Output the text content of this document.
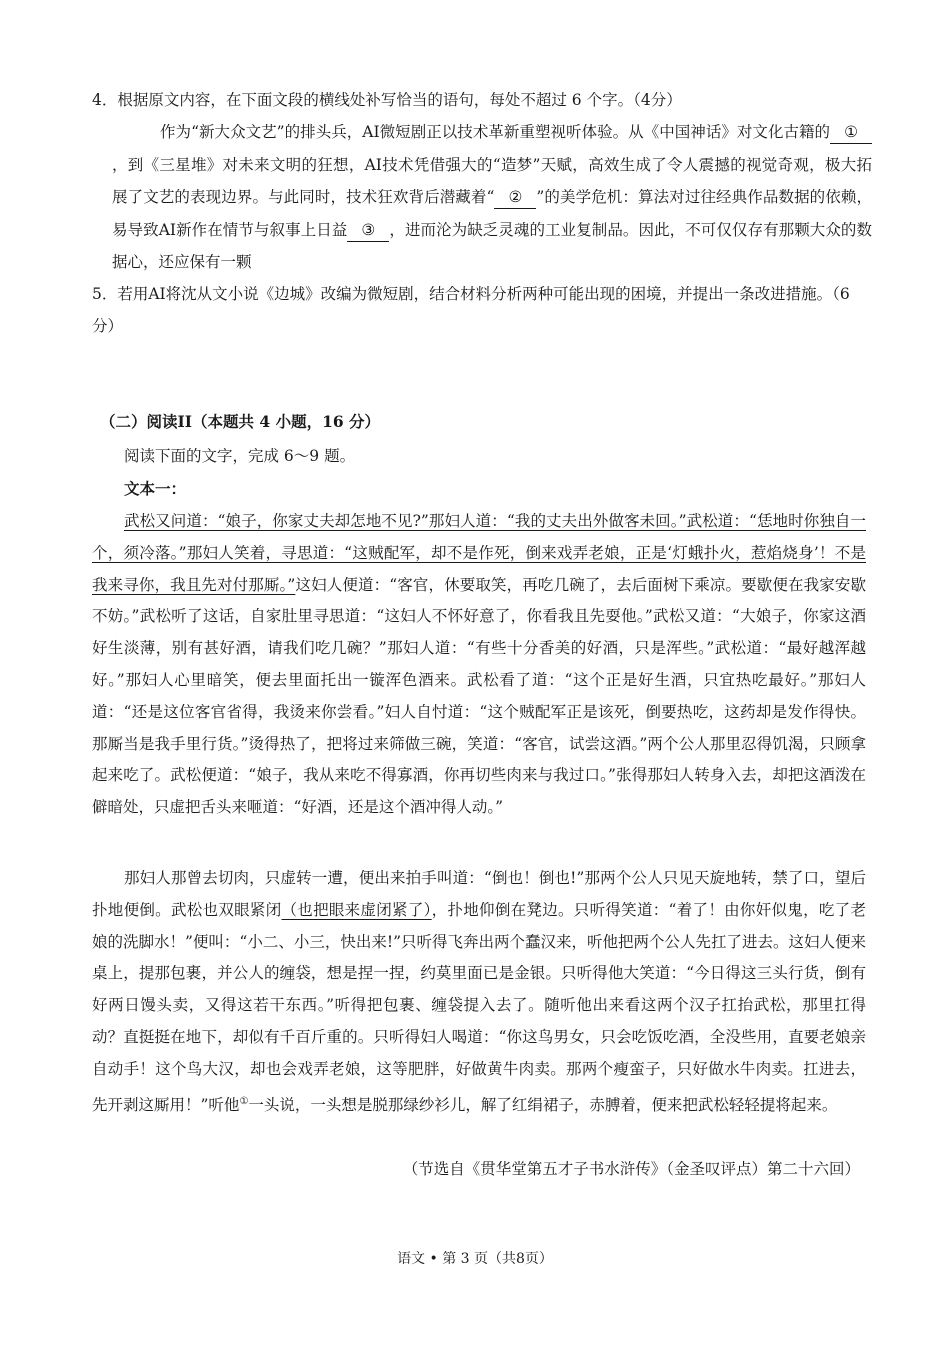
4．根据原文内容，在下面文段的横线处补写恰当的语句，每处不超过 6 个字。（4分）

作为“新大众文艺”的排头兵，AI微短剧正以技术革新重塑视听体验。从《中国神话》对文化古籍的 ①，到《三星堆》对未来文明的狂想，AI技术凭借强大的“造梦”天赋，高效生成了令人震撼的视觉奇观，极大拓展了文艺的表现边界。与此同时，技术狂欢背后潜藏着“ ② ”的美学危机：算法对过往经典作品数据的依赖，易导致AI新作在情节与叙事上日益 ③ ，进而沦为缺乏灵魂的工业复制品。因此，不可仅仅存有那颗大众的数据心，还应保有一颗

5．若用AI将沈从文小说《边城》改编为微短剧，结合材料分析两种可能出现的困境，并提出一条改进措施。（6分）

（二）阅读II（本题共 4 小题，16 分）

阅读下面的文字，完成 6～9 题。

文本一：

武松又问道：“娘子，你家丈夫却怎地不见?”那妇人道：“我的丈夫出外做客未回。”武松道：“恁地时你独自一个，须冷落。”那妇人笑着，寻思道：“这贼配军，却不是作死，倒来戏弄老娘，正是‘灯蛾扑火，惹焰烧身’！不是我来寻你，我且先对付那厮。”这妇人便道：“客官，休要取笑，再吃几碗了，去后面树下乘凉。要歇便在我家安歇不妨。”武松听了这话，自家肚里寻思道：“这妇人不怀好意了，你看我且先耍他。”武松又道：“大娘子，你家这酒好生淡薄，别有甚好酒，请我们吃几碗？”那妇人道：“有些十分香美的好酒，只是浑些。”武松道：“最好越浑越好。”那妇人心里暗笑，便去里面托出一镟浑色酒来。武松看了道：“这个正是好生酒，只宜热吃最好。”那妇人道：“还是这位客官省得，我烫来你尝看。”妇人自忖道：“这个贼配军正是该死，倒要热吃，这药却是发作得快。那厮当是我手里行货。”烫得热了，把将过来筛做三碗，笑道：“客官，试尝这酒。”两个公人那里忍得饥渴，只顾拿起来吃了。武松便道：“娘子，我从来吃不得寡酒，你再切些肉来与我过口。”张得那妇人转身入去，却把这酒泼在僻暗处，只虚把舌头来咂道：“好酒，还是这个酒冲得人动。”

那妇人那曾去切肉，只虚转一遭，便出来拍手叫道：“倒也！倒也!”那两个公人只见天旋地转，禁了口，望后扑地便倒。武松也双眼紧闭（也把眼来虚闭紧了），扑地仰倒在凳边。只听得笑道：“着了！由你奸似鬼，吃了老娘的洗脚水！”便叫：“小二、小三，快出来!”只听得飞奔出两个蠢汉来，听他把两个公人先扛了进去。这妇人便来桌上，提那包裹，并公人的缠袋，想是捏一捏，约莫里面已是金银。只听得他大笑道：“今日得这三头行货，倒有好两日馒头卖，又得这若干东西。”听得把包裹、缠袋提入去了。随听他出来看这两个汉子扛抬武松，那里扛得动？直挺挺在地下，却似有千百斤重的。只听得妇人喝道：“你这鸟男女，只会吃饭吃酒，全没些用，直要老娘亲自动手！这个鸟大汉，却也会戏弄老娘，这等肥胖，好做黄牛肉卖。那两个瘦蛮子，只好做水牛肉卖。扛进去，先开剥这厮用！”听他①一头说，一头想是脱那绿纱衫儿，解了红绢裙子，赤膊着，便来把武松轻轻提将起来。

（节选自《贯华堂第五才子书水浒传》（金圣叹评点）第二十六回）

语文 • 第 3 页（共8页）
